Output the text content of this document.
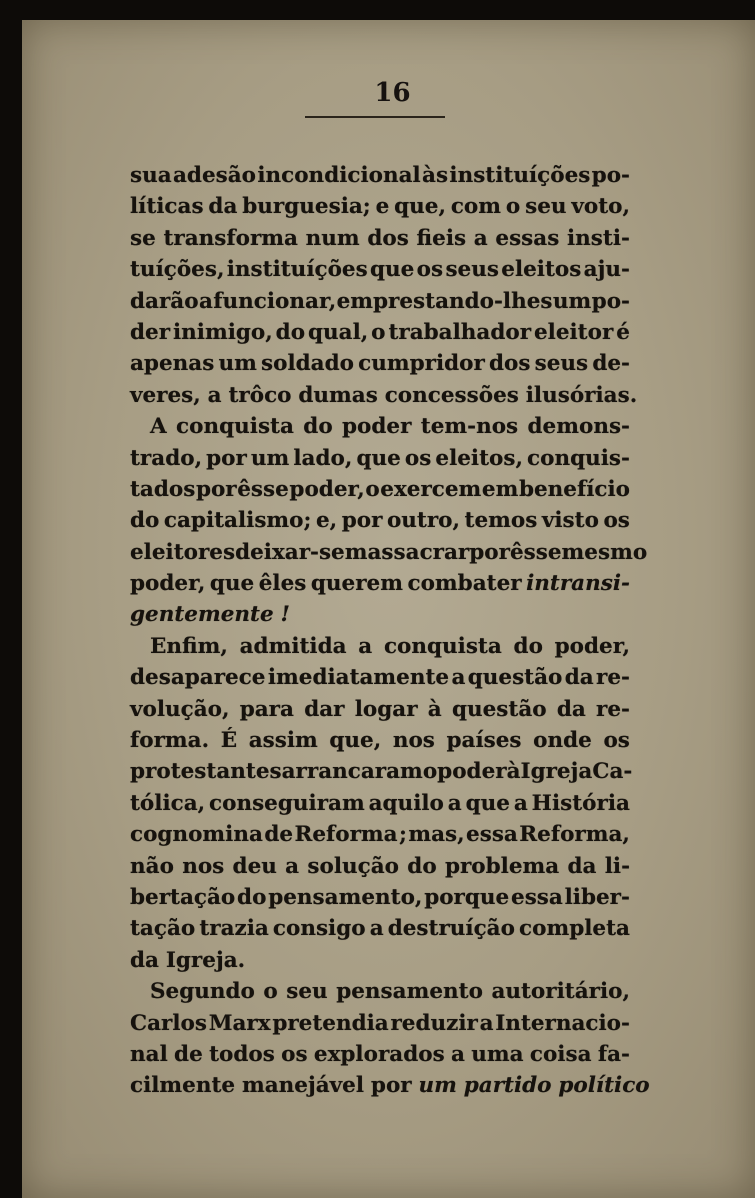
16
sua adesão incondicional às instituíções po-
líticas da burguesia; e que, com o seu voto,
se transforma num dos fieis a essas insti-
tuíções, instituíções que os seus eleitos aju-
darão a funcionar, emprestando-lhes um po-
der inimigo, do qual, o trabalhador eleitor é
apenas um soldado cumpridor dos seus de-
veres, a trôco dumas concessões ilusórias.
A conquista do poder tem-nos demons-
trado, por um lado, que os eleitos, conquis-
tados por êsse poder, o exercem em benefício
do capitalismo; e, por outro, temos visto os
eleitores deixar-se massacrar por êsse mesmo
poder, que êles querem combater intransi-
gentemente !
Enfim, admitida a conquista do poder,
desaparece imediatamente a questão da re-
volução, para dar logar à questão da re-
forma. É assim que, nos países onde os
protestantes arrancaram o poder à Igreja Ca-
tólica, conseguiram aquilo a que a História
cognomina de Reforma ; mas, essa Reforma,
não nos deu a solução do problema da li-
bertação do pensamento, porque essa liber-
tação trazia consigo a destruíção completa
da Igreja.
Segundo o seu pensamento autoritário,
Carlos Marx pretendia reduzir a Internacio-
nal de todos os explorados a uma coisa fa-
cilmente manejável por um partido político
